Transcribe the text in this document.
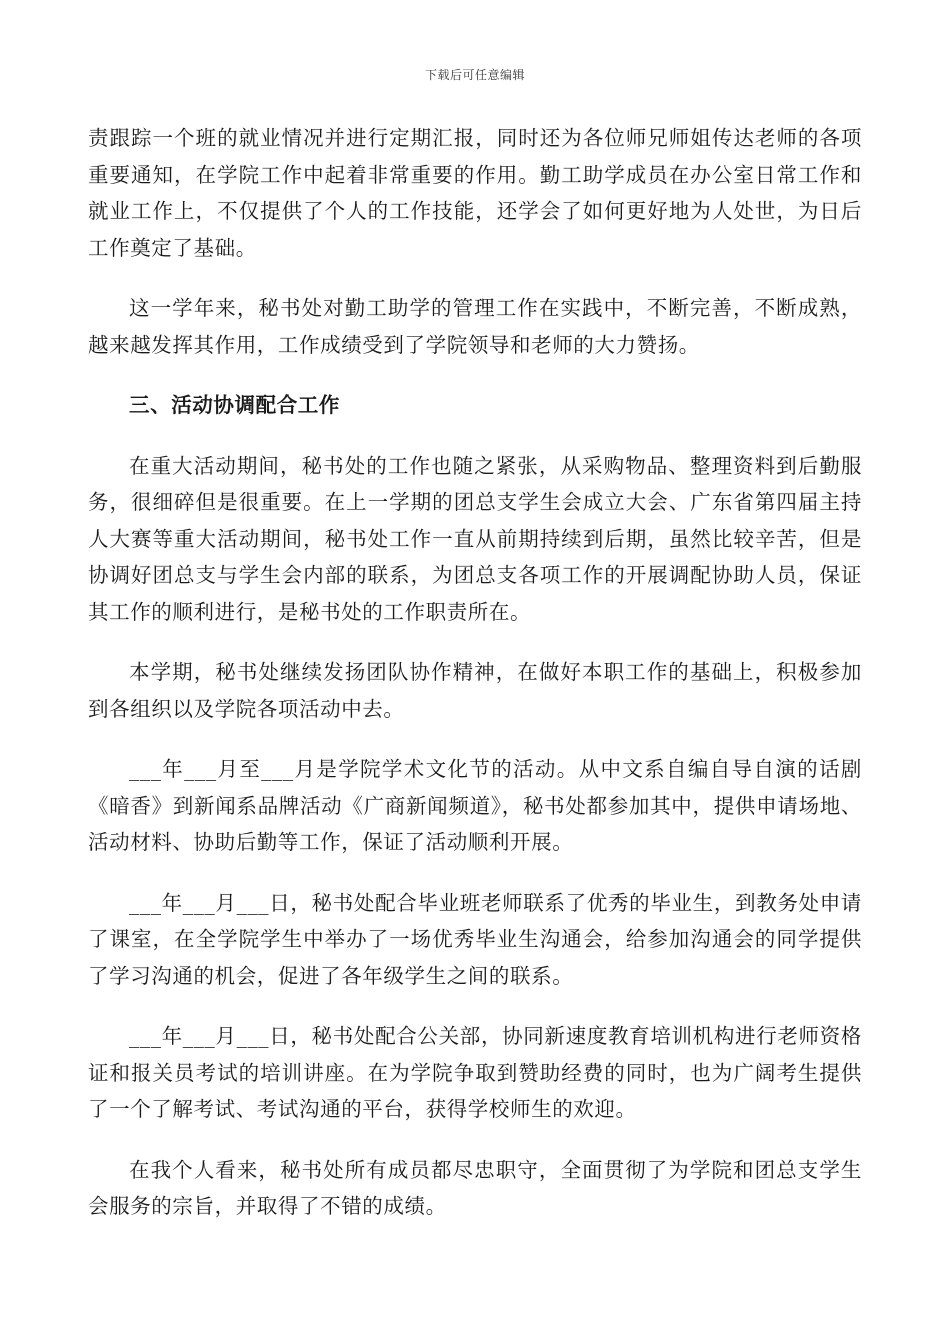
下载后可任意编辑

责跟踪一个班的就业情况并进行定期汇报，同时还为各位师兄师姐传达老师的各项重要通知，在学院工作中起着非常重要的作用。勤工助学成员在办公室日常工作和就业工作上，不仅提供了个人的工作技能，还学会了如何更好地为人处世，为日后工作奠定了基础。

这一学年来，秘书处对勤工助学的管理工作在实践中，不断完善，不断成熟，越来越发挥其作用，工作成绩受到了学院领导和老师的大力赞扬。

三、活动协调配合工作

在重大活动期间，秘书处的工作也随之紧张，从采购物品、整理资料到后勤服务，很细碎但是很重要。在上一学期的团总支学生会成立大会、广东省第四届主持人大赛等重大活动期间，秘书处工作一直从前期持续到后期，虽然比较辛苦，但是协调好团总支与学生会内部的联系，为团总支各项工作的开展调配协助人员，保证其工作的顺利进行，是秘书处的工作职责所在。

本学期，秘书处继续发扬团队协作精神，在做好本职工作的基础上，积极参加到各组织以及学院各项活动中去。

___年___月至___月是学院学术文化节的活动。从中文系自编自导自演的话剧《暗香》到新闻系品牌活动《广商新闻频道》，秘书处都参加其中，提供申请场地、活动材料、协助后勤等工作，保证了活动顺利开展。

___年___月___日，秘书处配合毕业班老师联系了优秀的毕业生，到教务处申请了课室，在全学院学生中举办了一场优秀毕业生沟通会，给参加沟通会的同学提供了学习沟通的机会，促进了各年级学生之间的联系。

___年___月___日，秘书处配合公关部，协同新速度教育培训机构进行老师资格证和报关员考试的培训讲座。在为学院争取到赞助经费的同时，也为广阔考生提供了一个了解考试、考试沟通的平台，获得学校师生的欢迎。

在我个人看来，秘书处所有成员都尽忠职守，全面贯彻了为学院和团总支学生会服务的宗旨，并取得了不错的成绩。
